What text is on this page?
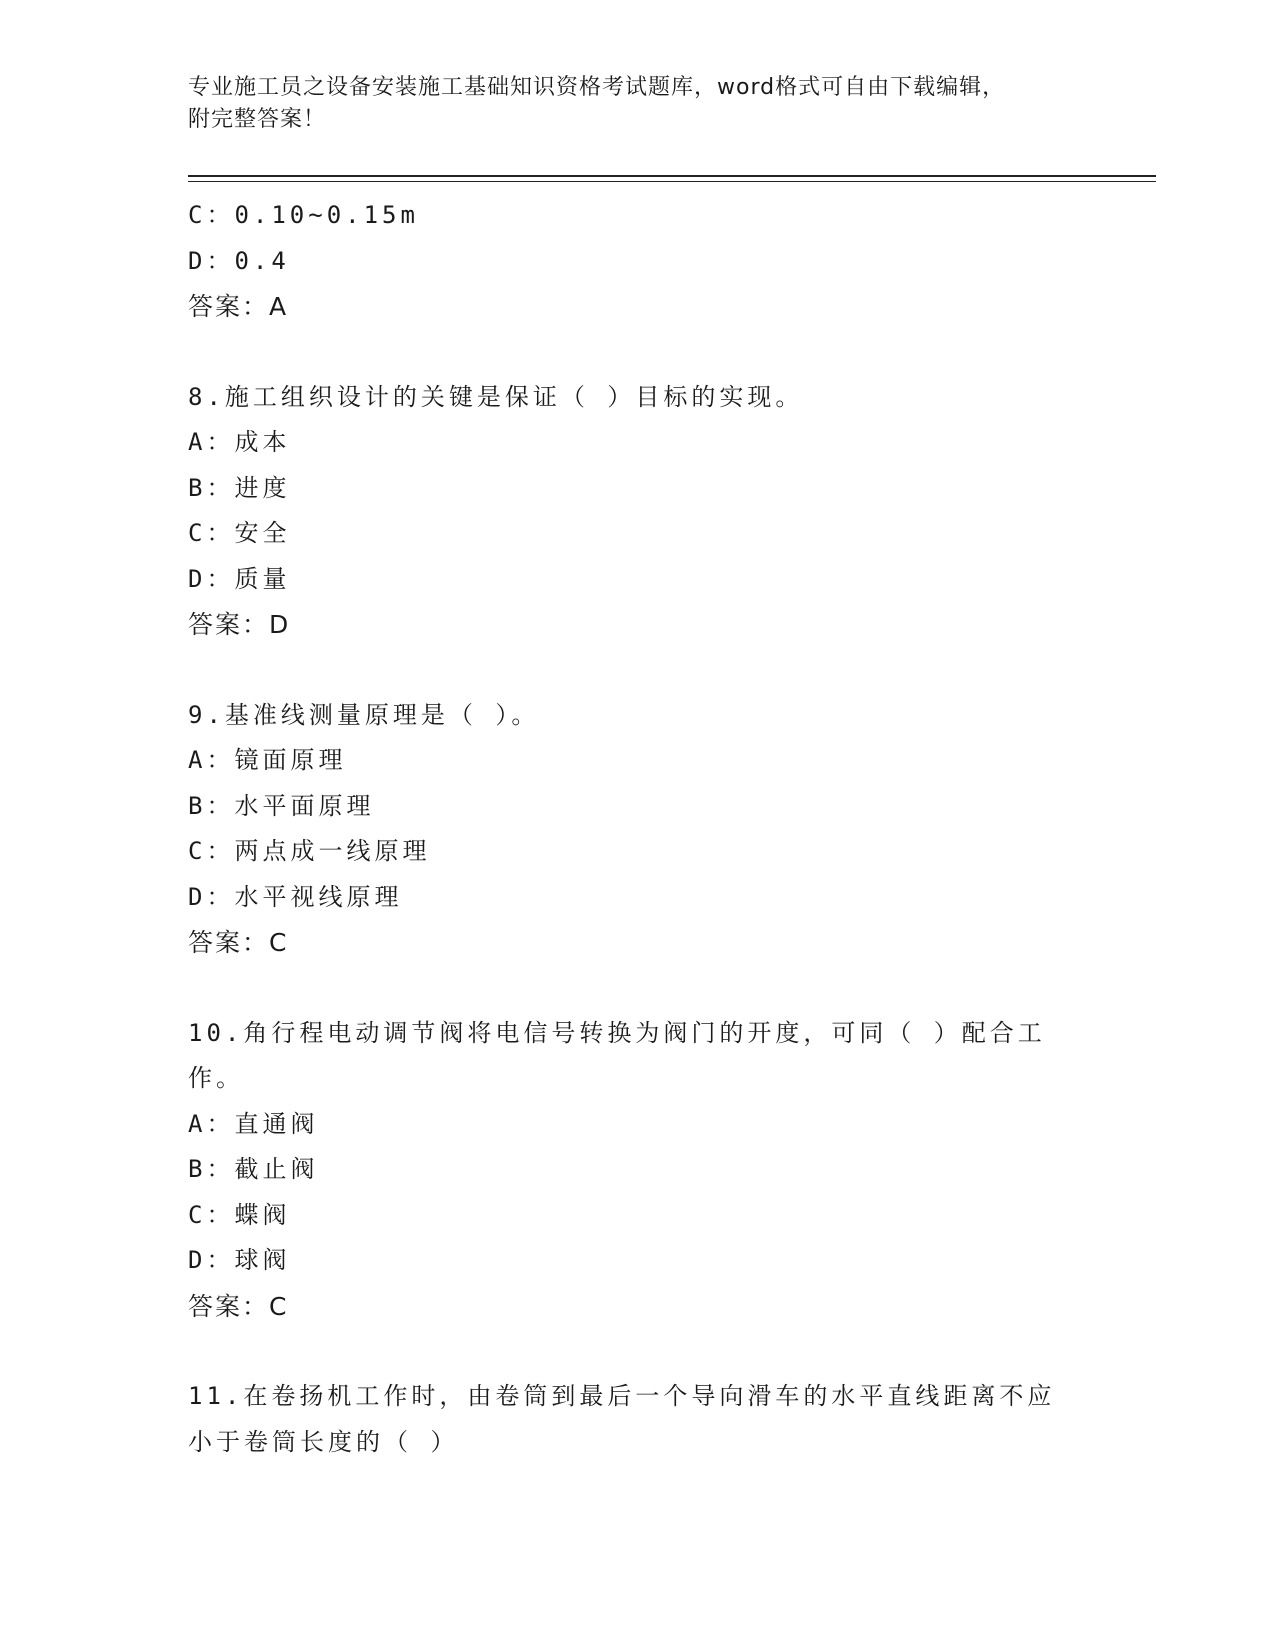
专业施工员之设备安装施工基础知识资格考试题库，word格式可自由下载编辑，
附完整答案！
C：0.10~0.15m
D：0.4
答案：A
8.施工组织设计的关键是保证（ ）目标的实现。
A：成本
B：进度
C：安全
D：质量
答案：D
9.基准线测量原理是（ ）。
A：镜面原理
B：水平面原理
C：两点成一线原理
D：水平视线原理
答案：C
10.角行程电动调节阀将电信号转换为阀门的开度，可同（ ）配合工
作。
A：直通阀
B：截止阀
C：蝶阀
D：球阀
答案：C
11.在卷扬机工作时，由卷筒到最后一个导向滑车的水平直线距离不应
小于卷筒长度的（ ）
